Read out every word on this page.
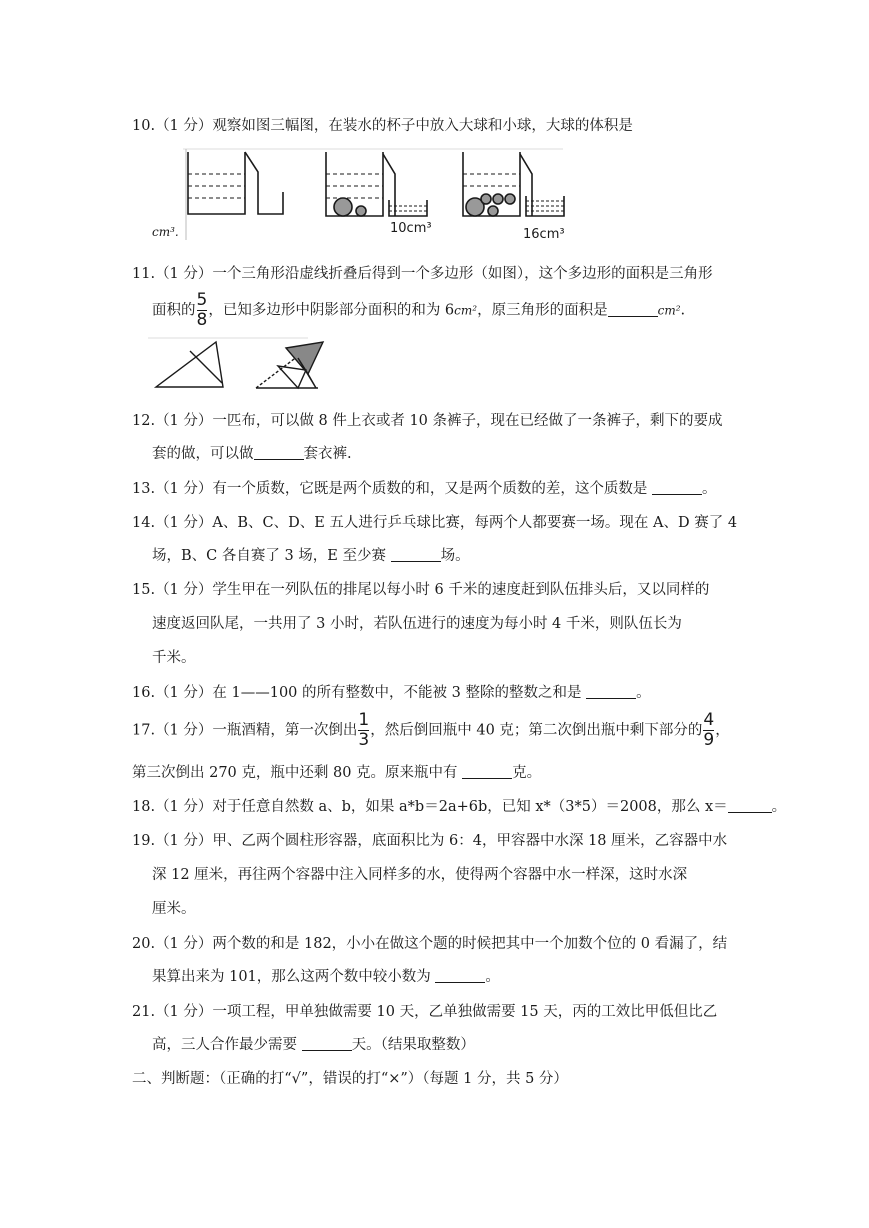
10.（1 分）观察如图三幅图，在装水的杯子中放入大球和小球，大球的体积是
cm³.	10cm³	16cm³
11.（1 分）一个三角形沿虚线折叠后得到一个多边形（如图），这个多边形的面积是三角形
面积的 $\frac{5}{8}$ ，已知多边形中阴影部分面积的和为 6cm²，原三角形的面积是	cm².
12.（1 分）一匹布，可以做 8 件上衣或者 10 条裤子，现在已经做了一条裤子，剩下的要成
套的做，可以做	套衣裤.
13.（1 分）有一个质数，它既是两个质数的和，又是两个质数的差，这个质数是	。
14.（1 分）A、B、C、D、E 五人进行乒乓球比赛，每两个人都要赛一场。现在 A、D 赛了 4
场，B、C 各自赛了 3 场，E 至少赛	场。
15.（1 分）学生甲在一列队伍的排尾以每小时 6 千米的速度赶到队伍排头后，又以同样的
速度返回队尾，一共用了 3 小时，若队伍进行的速度为每小时 4 千米，则队伍长为
千米。
16.（1 分）在 1——100 的所有整数中，不能被 3 整除的整数之和是	。
17.（1 分）一瓶酒精，第一次倒出 $\frac{1}{3}$ ，然后倒回瓶中 40 克；第二次倒出瓶中剩下部分的 $\frac{4}{9}$ ，
第三次倒出 270 克，瓶中还剩 80 克。原来瓶中有	克。
18.（1 分）对于任意自然数 a、b，如果 a*b＝2a+6b，已知 x*（3*5）＝2008，那么 x＝	。
19.（1 分）甲、乙两个圆柱形容器，底面积比为 6：4，甲容器中水深 18 厘米，乙容器中水
深 12 厘米，再往两个容器中注入同样多的水，使得两个容器中水一样深，这时水深
厘米。
20.（1 分）两个数的和是 182，小小在做这个题的时候把其中一个加数个位的 0 看漏了，结
果算出来为 101，那么这两个数中较小数为	。
21.（1 分）一项工程，甲单独做需要 10 天，乙单独做需要 15 天，丙的工效比甲低但比乙
高，三人合作最少需要	天。（结果取整数）
二、判断题：（正确的打“√”，错误的打“×”）（每题 1 分，共 5 分）
